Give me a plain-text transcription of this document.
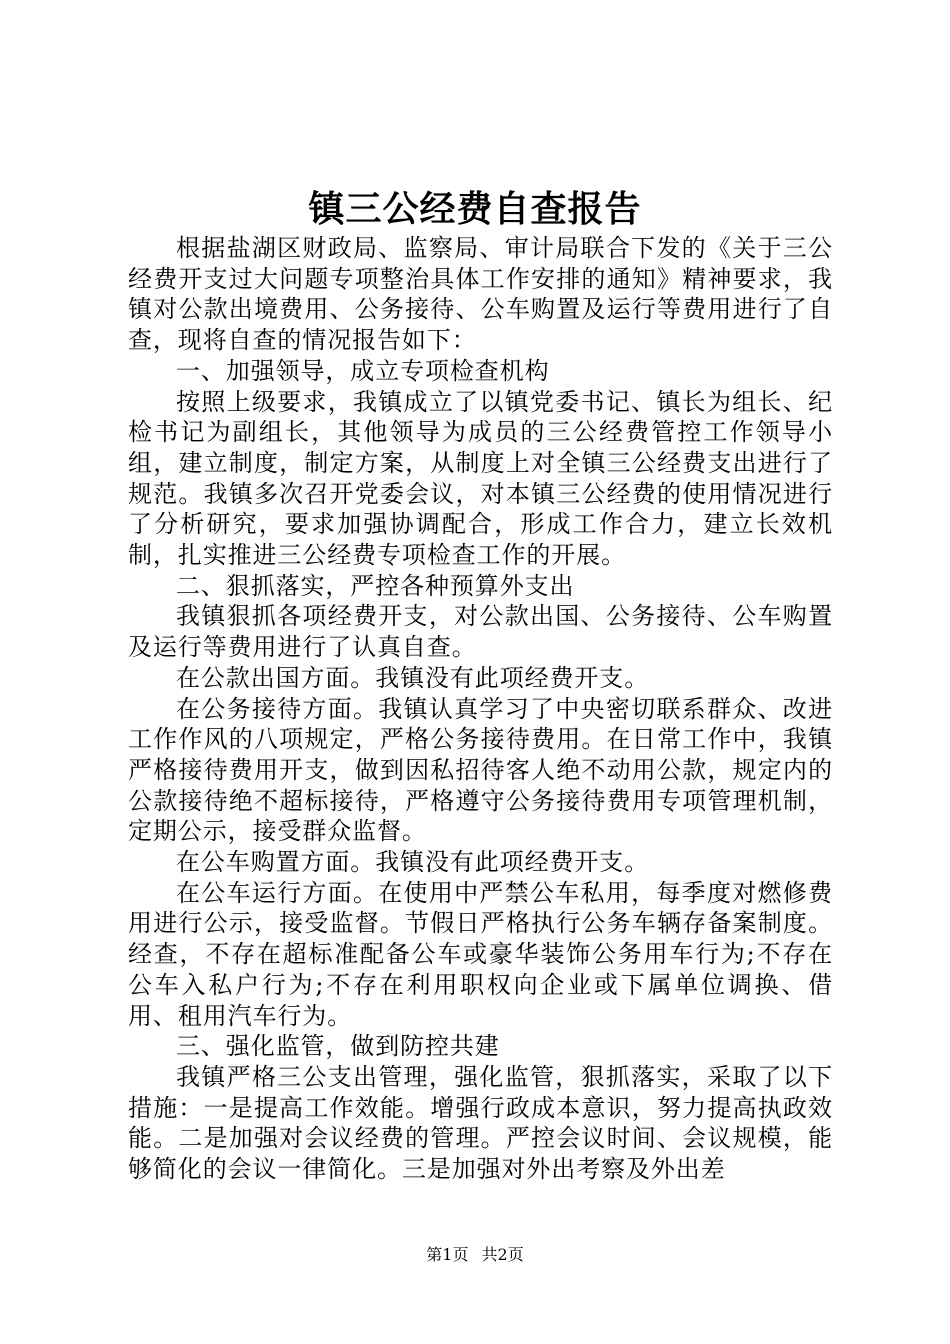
镇三公经费自查报告

根据盐湖区财政局、监察局、审计局联合下发的《关于三公经费开支过大问题专项整治具体工作安排的通知》精神要求，我镇对公款出境费用、公务接待、公车购置及运行等费用进行了自查，现将自查的情况报告如下：

一、加强领导，成立专项检查机构

按照上级要求，我镇成立了以镇党委书记、镇长为组长、纪检书记为副组长，其他领导为成员的三公经费管控工作领导小组，建立制度，制定方案，从制度上对全镇三公经费支出进行了规范。我镇多次召开党委会议，对本镇三公经费的使用情况进行了分析研究，要求加强协调配合，形成工作合力，建立长效机制，扎实推进三公经费专项检查工作的开展。

二、狠抓落实，严控各种预算外支出

我镇狠抓各项经费开支，对公款出国、公务接待、公车购置及运行等费用进行了认真自查。

在公款出国方面。我镇没有此项经费开支。

在公务接待方面。我镇认真学习了中央密切联系群众、改进工作作风的八项规定，严格公务接待费用。在日常工作中，我镇严格接待费用开支，做到因私招待客人绝不动用公款，规定内的公款接待绝不超标接待，严格遵守公务接待费用专项管理机制，定期公示，接受群众监督。

在公车购置方面。我镇没有此项经费开支。

在公车运行方面。在使用中严禁公车私用，每季度对燃修费用进行公示，接受监督。节假日严格执行公务车辆存备案制度。经查，不存在超标准配备公车或豪华装饰公务用车行为;不存在公车入私户行为;不存在利用职权向企业或下属单位调换、借用、租用汽车行为。

三、强化监管，做到防控共建

我镇严格三公支出管理，强化监管，狠抓落实，采取了以下措施：一是提高工作效能。增强行政成本意识，努力提高执政效能。二是加强对会议经费的管理。严控会议时间、会议规模，能够简化的会议一律简化。三是加强对外出考察及外出差

第1页 共2页
